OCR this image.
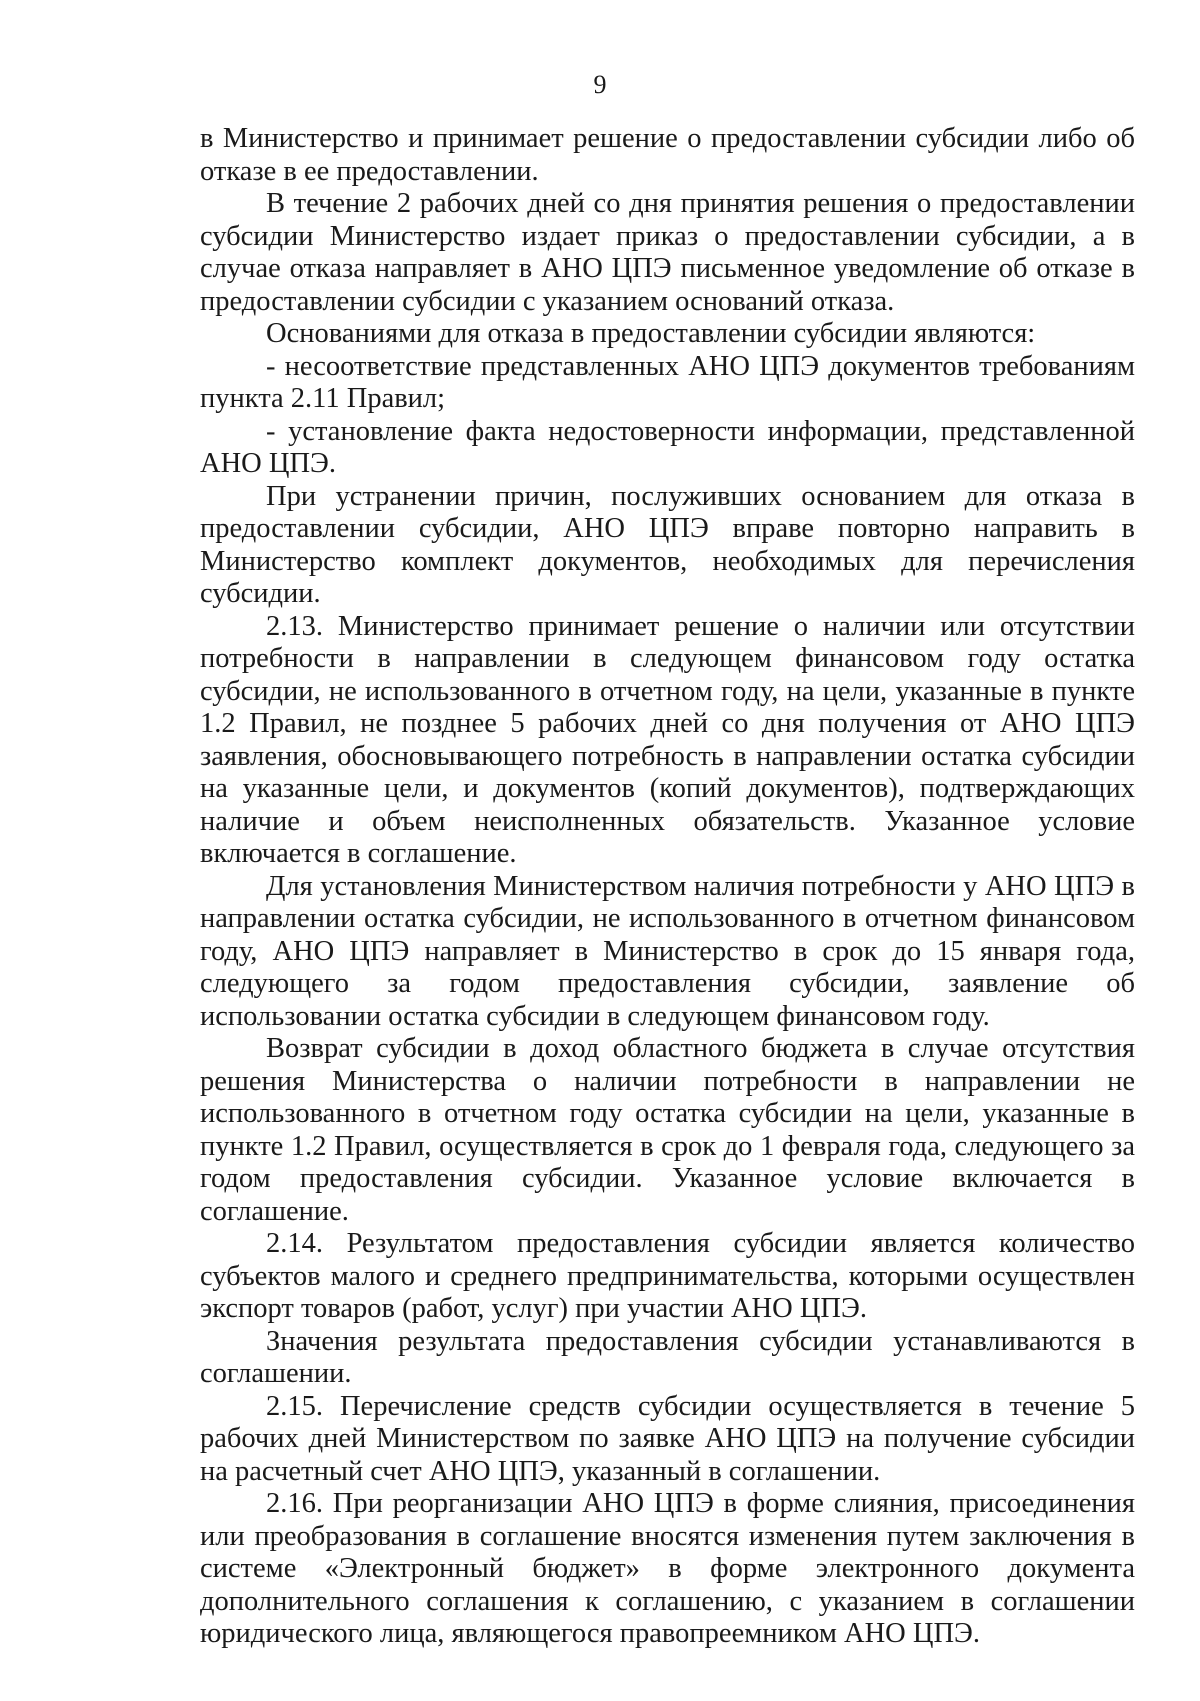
9

в Министерство и принимает решение о предоставлении субсидии либо об отказе в ее предоставлении.

В течение 2 рабочих дней со дня принятия решения о предоставлении субсидии Министерство издает приказ о предоставлении субсидии, а в случае отказа направляет в АНО ЦПЭ письменное уведомление об отказе в предоставлении субсидии с указанием оснований отказа.

Основаниями для отказа в предоставлении субсидии являются:

- несоответствие представленных АНО ЦПЭ документов требованиям пункта 2.11 Правил;

- установление факта недостоверности информации, представленной АНО ЦПЭ.

При устранении причин, послуживших основанием для отказа в предоставлении субсидии, АНО ЦПЭ вправе повторно направить в Министерство комплект документов, необходимых для перечисления субсидии.

2.13. Министерство принимает решение о наличии или отсутствии потребности в направлении в следующем финансовом году остатка субсидии, не использованного в отчетном году, на цели, указанные в пункте 1.2 Правил, не позднее 5 рабочих дней со дня получения от АНО ЦПЭ заявления, обосновывающего потребность в направлении остатка субсидии на указанные цели, и документов (копий документов), подтверждающих наличие и объем неисполненных обязательств. Указанное условие включается в соглашение.

Для установления Министерством наличия потребности у АНО ЦПЭ в направлении остатка субсидии, не использованного в отчетном финансовом году, АНО ЦПЭ направляет в Министерство в срок до 15 января года, следующего за годом предоставления субсидии, заявление об использовании остатка субсидии в следующем финансовом году.

Возврат субсидии в доход областного бюджета в случае отсутствия решения Министерства о наличии потребности в направлении не использованного в отчетном году остатка субсидии на цели, указанные в пункте 1.2 Правил, осуществляется в срок до 1 февраля года, следующего за годом предоставления субсидии. Указанное условие включается в соглашение.

2.14. Результатом предоставления субсидии является количество субъектов малого и среднего предпринимательства, которыми осуществлен экспорт товаров (работ, услуг) при участии АНО ЦПЭ.

Значения результата предоставления субсидии устанавливаются в соглашении.

2.15. Перечисление средств субсидии осуществляется в течение 5 рабочих дней Министерством по заявке АНО ЦПЭ на получение субсидии на расчетный счет АНО ЦПЭ, указанный в соглашении.

2.16. При реорганизации АНО ЦПЭ в форме слияния, присоединения или преобразования в соглашение вносятся изменения путем заключения в системе «Электронный бюджет» в форме электронного документа дополнительного соглашения к соглашению, с указанием в соглашении юридического лица, являющегося правопреемником АНО ЦПЭ.
